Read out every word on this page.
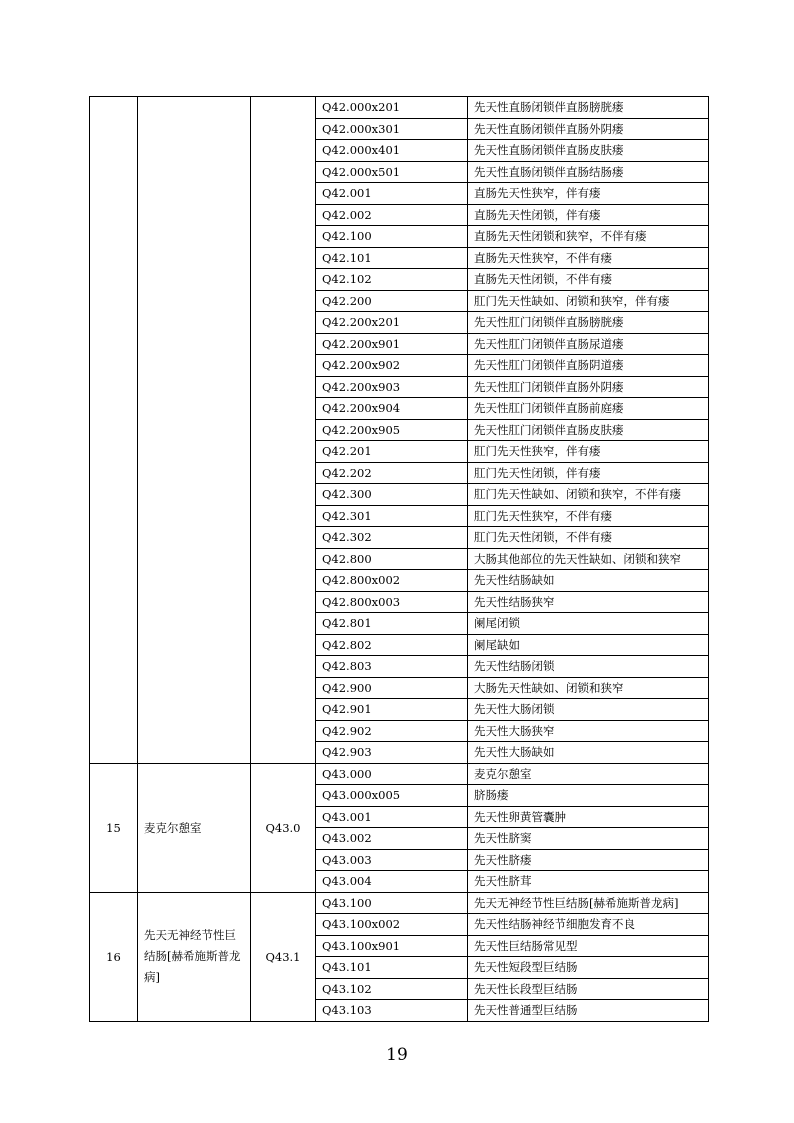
			Q42.000x201	先天性直肠闭锁伴直肠膀胱瘘
			Q42.000x301	先天性直肠闭锁伴直肠外阴瘘
			Q42.000x401	先天性直肠闭锁伴直肠皮肤瘘
			Q42.000x501	先天性直肠闭锁伴直肠结肠瘘
			Q42.001	直肠先天性狭窄，伴有瘘
			Q42.002	直肠先天性闭锁，伴有瘘
			Q42.100	直肠先天性闭锁和狭窄，不伴有瘘
			Q42.101	直肠先天性狭窄，不伴有瘘
			Q42.102	直肠先天性闭锁，不伴有瘘
			Q42.200	肛门先天性缺如、闭锁和狭窄，伴有瘘
			Q42.200x201	先天性肛门闭锁伴直肠膀胱瘘
			Q42.200x901	先天性肛门闭锁伴直肠尿道瘘
			Q42.200x902	先天性肛门闭锁伴直肠阴道瘘
			Q42.200x903	先天性肛门闭锁伴直肠外阴瘘
			Q42.200x904	先天性肛门闭锁伴直肠前庭瘘
			Q42.200x905	先天性肛门闭锁伴直肠皮肤瘘
			Q42.201	肛门先天性狭窄，伴有瘘
			Q42.202	肛门先天性闭锁，伴有瘘
			Q42.300	肛门先天性缺如、闭锁和狭窄，不伴有瘘
			Q42.301	肛门先天性狭窄，不伴有瘘
			Q42.302	肛门先天性闭锁，不伴有瘘
			Q42.800	大肠其他部位的先天性缺如、闭锁和狭窄
			Q42.800x002	先天性结肠缺如
			Q42.800x003	先天性结肠狭窄
			Q42.801	阑尾闭锁
			Q42.802	阑尾缺如
			Q42.803	先天性结肠闭锁
			Q42.900	大肠先天性缺如、闭锁和狭窄
			Q42.901	先天性大肠闭锁
			Q42.902	先天性大肠狭窄
			Q42.903	先天性大肠缺如
15	麦克尔憩室	Q43.0	Q43.000	麦克尔憩室
			Q43.000x005	脐肠瘘
			Q43.001	先天性卵黄管囊肿
			Q43.002	先天性脐窦
			Q43.003	先天性脐瘘
			Q43.004	先天性脐茸
16	先天无神经节性巨结肠[赫希施斯普龙病]	Q43.1	Q43.100	先天无神经节性巨结肠[赫希施斯普龙病]
			Q43.100x002	先天性结肠神经节细胞发育不良
			Q43.100x901	先天性巨结肠常见型
			Q43.101	先天性短段型巨结肠
			Q43.102	先天性长段型巨结肠
			Q43.103	先天性普通型巨结肠
19
